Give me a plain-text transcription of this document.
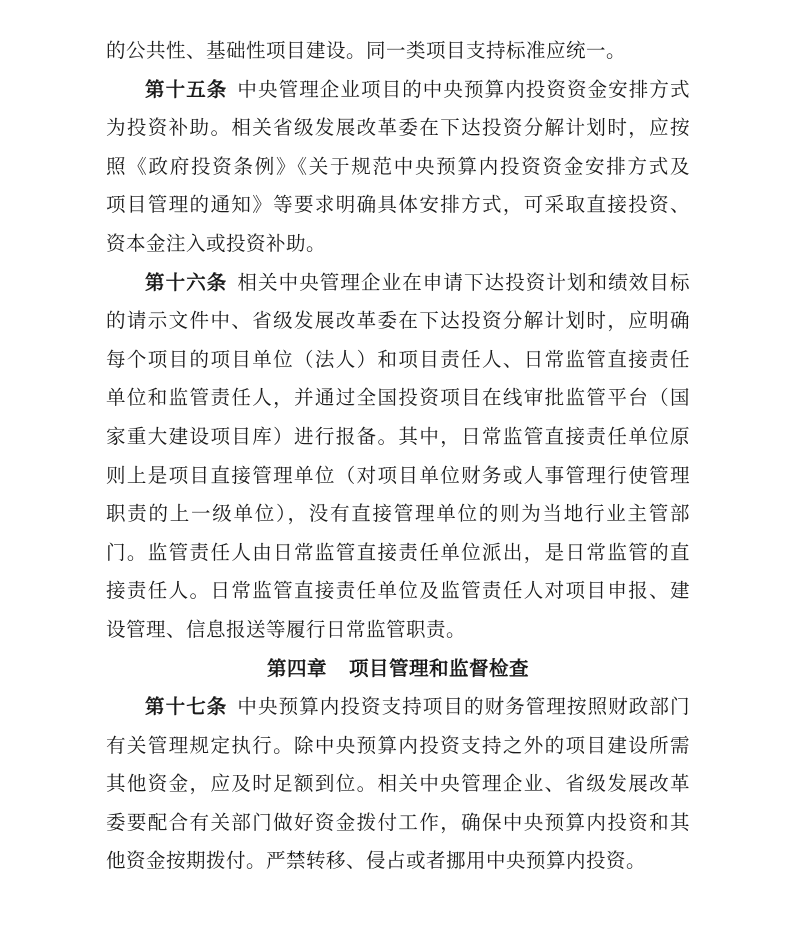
的公共性、基础性项目建设。同一类项目支持标准应统一。
第十五条 中央管理企业项目的中央预算内投资资金安排方式
为投资补助。相关省级发展改革委在下达投资分解计划时，应按
照《政府投资条例》《关于规范中央预算内投资资金安排方式及
项目管理的通知》等要求明确具体安排方式，可采取直接投资、
资本金注入或投资补助。
第十六条 相关中央管理企业在申请下达投资计划和绩效目标
的请示文件中、省级发展改革委在下达投资分解计划时，应明确
每个项目的项目单位（法人）和项目责任人、日常监管直接责任
单位和监管责任人，并通过全国投资项目在线审批监管平台（国
家重大建设项目库）进行报备。其中，日常监管直接责任单位原
则上是项目直接管理单位（对项目单位财务或人事管理行使管理
职责的上一级单位），没有直接管理单位的则为当地行业主管部
门。监管责任人由日常监管直接责任单位派出，是日常监管的直
接责任人。日常监管直接责任单位及监管责任人对项目申报、建
设管理、信息报送等履行日常监管职责。
第四章 项目管理和监督检查
第十七条 中央预算内投资支持项目的财务管理按照财政部门
有关管理规定执行。除中央预算内投资支持之外的项目建设所需
其他资金，应及时足额到位。相关中央管理企业、省级发展改革
委要配合有关部门做好资金拨付工作，确保中央预算内投资和其
他资金按期拨付。严禁转移、侵占或者挪用中央预算内投资。
